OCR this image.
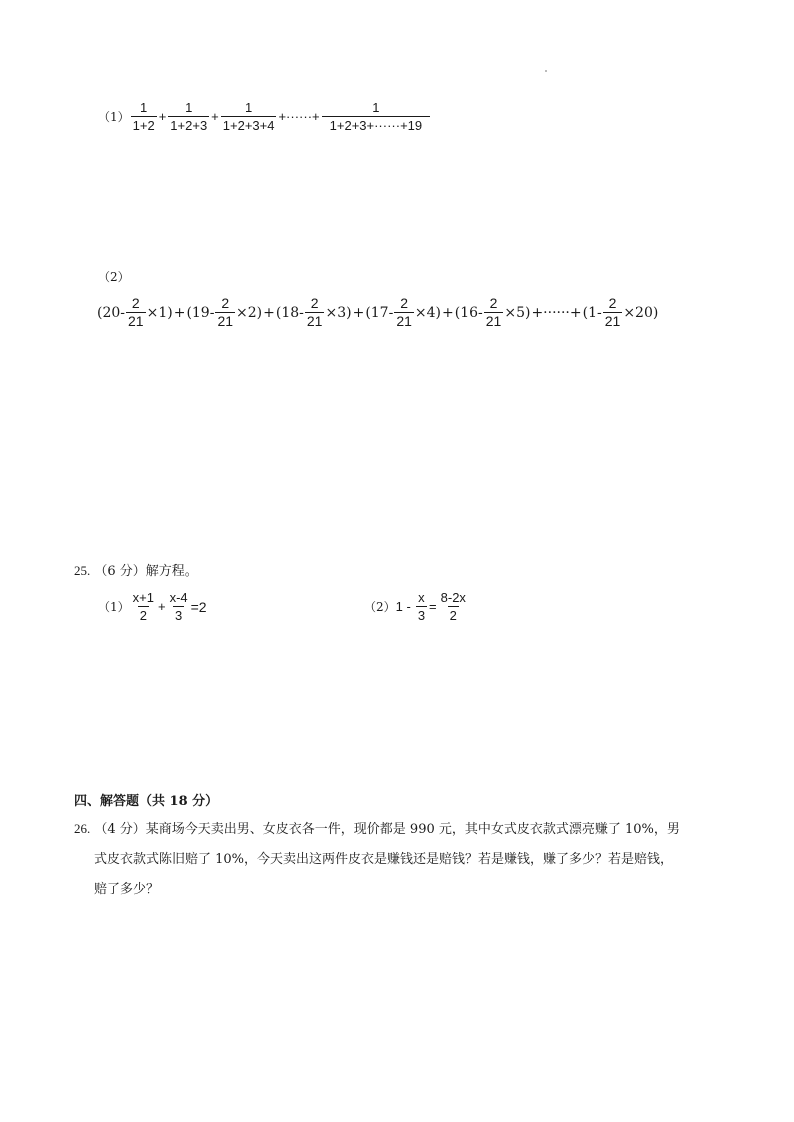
$(1) \frac{1}{1+2} + \frac{1}{1+2+3} + \frac{1}{1+2+3+4}$ +······+ $\frac{1}{1+2+3+\cdot\cdot\cdot\cdot\cdot\cdot+19}$
（2）
$(20- \frac{2}{21} \times 1) + (19- \frac{2}{21} \times 2) + (18- \frac{2}{21} \times 3) + (17- \frac{2}{21} \times 4) + (16- \frac{2}{21} \times 5)$ +······+ $(1- \frac{2}{21} \times 20)$
25. （6 分）解方程。
$(1) \frac{x+1}{2} + \frac{x-4}{3} =2$	（2） $1 - \frac{x}{3} = \frac{8-2x}{2}$
四、解答题（共 18 分）
26. （4 分）某商场今天卖出男、女皮衣各一件，现价都是 990 元，其中女式皮衣款式漂亮赚了 10%，男
式皮衣款式陈旧赔了 10%，今天卖出这两件皮衣是赚钱还是赔钱？若是赚钱，赚了多少？若是赔钱，
赔了多少？
